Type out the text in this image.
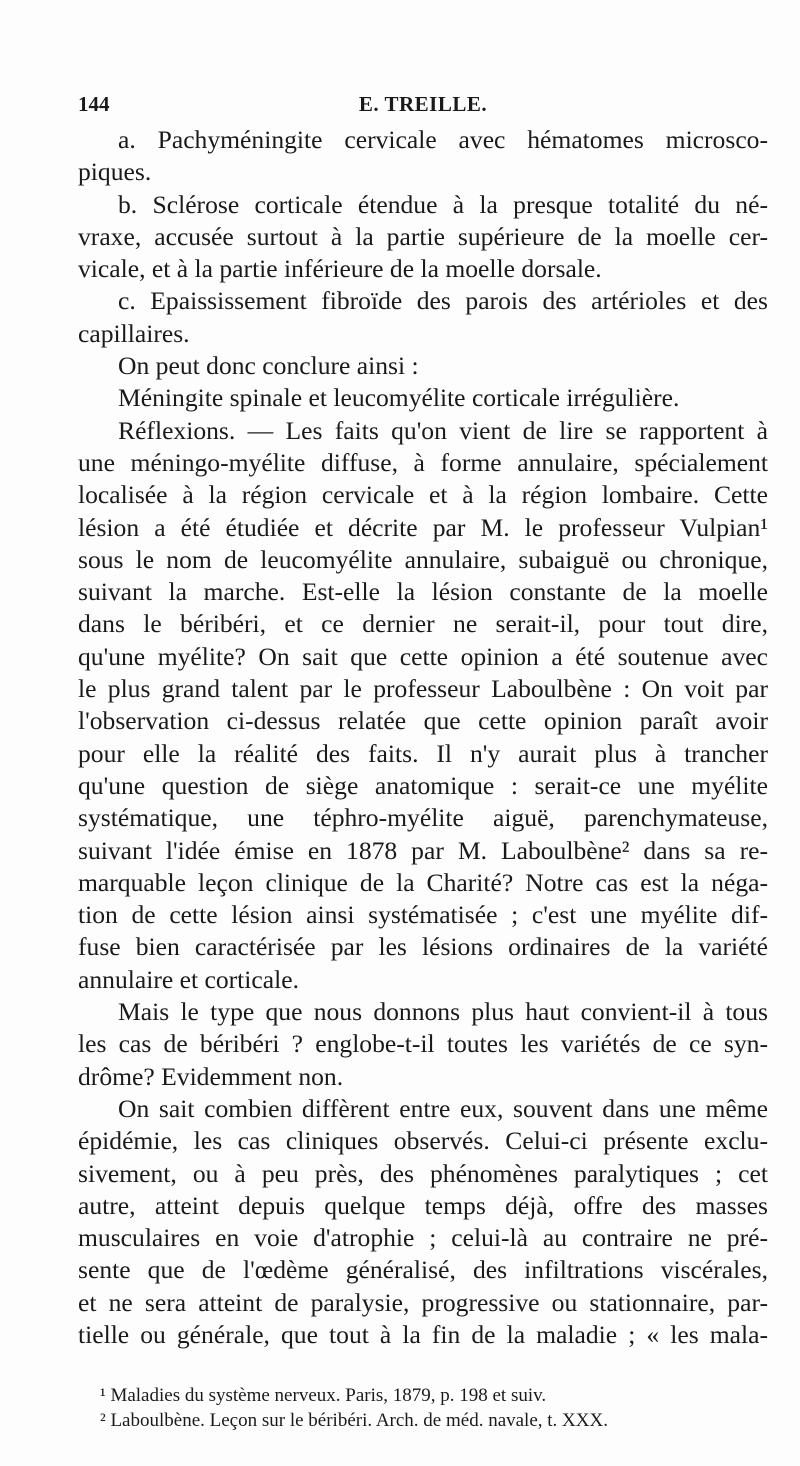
144	E. TREILLE.
a. Pachyméningite cervicale avec hématomes microsco-
piques.
b. Sclérose corticale étendue à la presque totalité du né-
vraxe, accusée surtout à la partie supérieure de la moelle cer-
vicale, et à la partie inférieure de la moelle dorsale.
c. Epaississement fibroïde des parois des artérioles et des
capillaires.
On peut donc conclure ainsi :
Méningite spinale et leucomyélite corticale irrégulière.
Réflexions. — Les faits qu'on vient de lire se rapportent à
une méningo-myélite diffuse, à forme annulaire, spécialement
localisée à la région cervicale et à la région lombaire. Cette
lésion a été étudiée et décrite par M. le professeur Vulpian¹
sous le nom de leucomyélite annulaire, subaiguë ou chronique,
suivant la marche. Est-elle la lésion constante de la moelle
dans le béribéri, et ce dernier ne serait-il, pour tout dire,
qu'une myélite? On sait que cette opinion a été soutenue avec
le plus grand talent par le professeur Laboulbène : On voit par
l'observation ci-dessus relatée que cette opinion paraît avoir
pour elle la réalité des faits. Il n'y aurait plus à trancher
qu'une question de siège anatomique : serait-ce une myélite
systématique, une téphro-myélite aiguë, parenchymateuse,
suivant l'idée émise en 1878 par M. Laboulbène² dans sa re-
marquable leçon clinique de la Charité? Notre cas est la néga-
tion de cette lésion ainsi systématisée ; c'est une myélite dif-
fuse bien caractérisée par les lésions ordinaires de la variété
annulaire et corticale.
Mais le type que nous donnons plus haut convient-il à tous
les cas de béribéri ? englobe-t-il toutes les variétés de ce syn-
drôme? Evidemment non.
On sait combien diffèrent entre eux, souvent dans une même
épidémie, les cas cliniques observés. Celui-ci présente exclu-
sivement, ou à peu près, des phénomènes paralytiques ; cet
autre, atteint depuis quelque temps déjà, offre des masses
musculaires en voie d'atrophie ; celui-là au contraire ne pré-
sente que de l'œdème généralisé, des infiltrations viscérales,
et ne sera atteint de paralysie, progressive ou stationnaire, par-
tielle ou générale, que tout à la fin de la maladie ; « les mala-
¹ Maladies du système nerveux. Paris, 1879, p. 198 et suiv.
² Laboulbène. Leçon sur le béribéri. Arch. de méd. navale, t. XXX.
